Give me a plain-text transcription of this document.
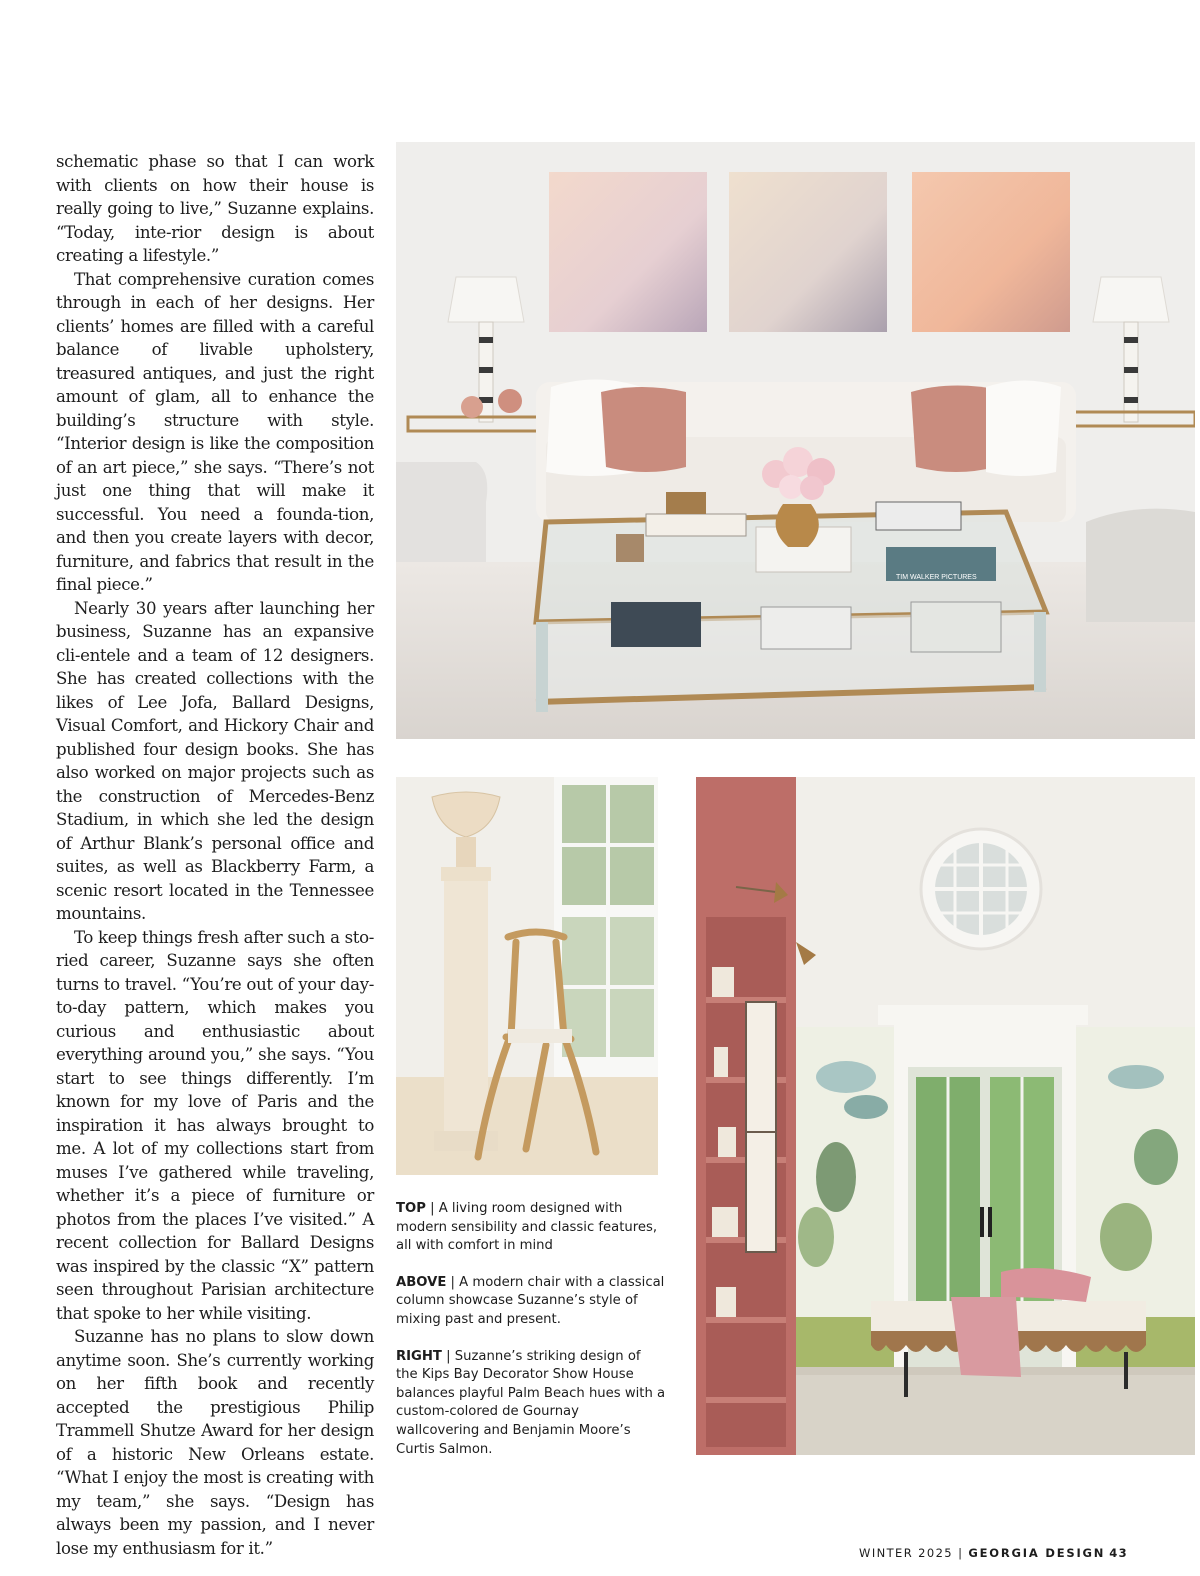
schematic phase so that I can work with clients on how their house is really going to live,” Suzanne explains. “Today, inte-rior design is about creating a lifestyle.”

That comprehensive curation comes through in each of her designs. Her clients’ homes are filled with a careful balance of livable upholstery, treasured antiques, and just the right amount of glam, all to enhance the building’s structure with style. “Interior design is like the composition of an art piece,” she says. “There’s not just one thing that will make it successful. You need a founda-tion, and then you create layers with decor, furniture, and fabrics that result in the final piece.”

Nearly 30 years after launching her business, Suzanne has an expansive cli-entele and a team of 12 designers. She has created collections with the likes of Lee Jofa, Ballard Designs, Visual Comfort, and Hickory Chair and published four design books. She has also worked on major projects such as the construction of Mercedes-Benz Stadium, in which she led the design of Arthur Blank’s personal office and suites, as well as Blackberry Farm, a scenic resort located in the Tennessee mountains.

To keep things fresh after such a sto-ried career, Suzanne says she often turns to travel. “You’re out of your day-to-day pattern, which makes you curious and enthusiastic about everything around you,” she says. “You start to see things differently. I’m known for my love of Paris and the inspiration it has always brought to me. A lot of my collections start from muses I’ve gathered while traveling, whether it’s a piece of furniture or photos from the places I’ve visited.” A recent collection for Ballard Designs was inspired by the classic “X” pattern seen throughout Parisian architecture that spoke to her while visiting.

Suzanne has no plans to slow down anytime soon. She’s currently working on her fifth book and recently accepted the prestigious Philip Trammell Shutze Award for her design of a historic New Orleans estate. “What I enjoy the most is creating with my team,” she says. “Design has always been my passion, and I never lose my enthusiasm for it.”

TIM WALKER PICTURES

TOP | A living room designed with modern sensibility and classic features, all with comfort in mind

ABOVE | A modern chair with a classical column showcase Suzanne’s style of mixing past and present.

RIGHT | Suzanne’s striking design of the Kips Bay Decorator Show House balances playful Palm Beach hues with a custom-colored de Gournay wallcovering and Benjamin Moore’s Curtis Salmon.

WINTER 2025 | GEORGIA DESIGN 43
